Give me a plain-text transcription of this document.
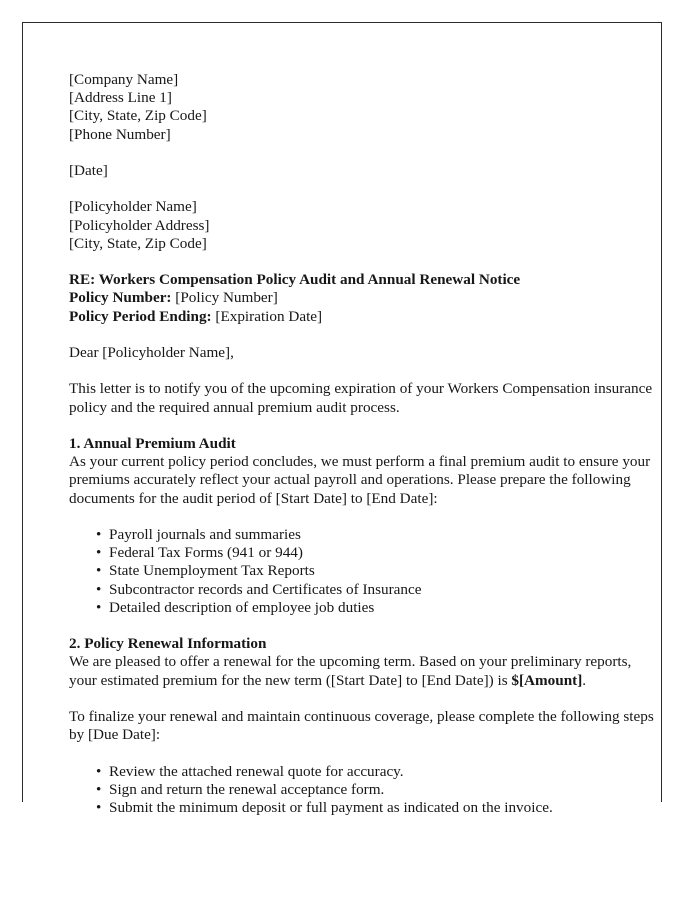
[Company Name]
[Address Line 1]
[City, State, Zip Code]
[Phone Number]
[Date]
[Policyholder Name]
[Policyholder Address]
[City, State, Zip Code]
RE: Workers Compensation Policy Audit and Annual Renewal Notice
Policy Number: [Policy Number]
Policy Period Ending: [Expiration Date]
Dear [Policyholder Name],

This letter is to notify you of the upcoming expiration of your Workers Compensation insurance policy and the required annual premium audit process.

1. Annual Premium Audit

As your current policy period concludes, we must perform a final premium audit to ensure your premiums accurately reflect your actual payroll and operations. Please prepare the following documents for the audit period of [Start Date] to [End Date]:

• Payroll journals and summaries
• Federal Tax Forms (941 or 944)
• State Unemployment Tax Reports
• Subcontractor records and Certificates of Insurance
• Detailed description of employee job duties
2. Policy Renewal Information

We are pleased to offer a renewal for the upcoming term. Based on your preliminary reports, your estimated premium for the new term ([Start Date] to [End Date]) is $[Amount].

To finalize your renewal and maintain continuous coverage, please complete the following steps by [Due Date]:

• Review the attached renewal quote for accuracy.
• Sign and return the renewal acceptance form.
• Submit the minimum deposit or full payment as indicated on the invoice.
